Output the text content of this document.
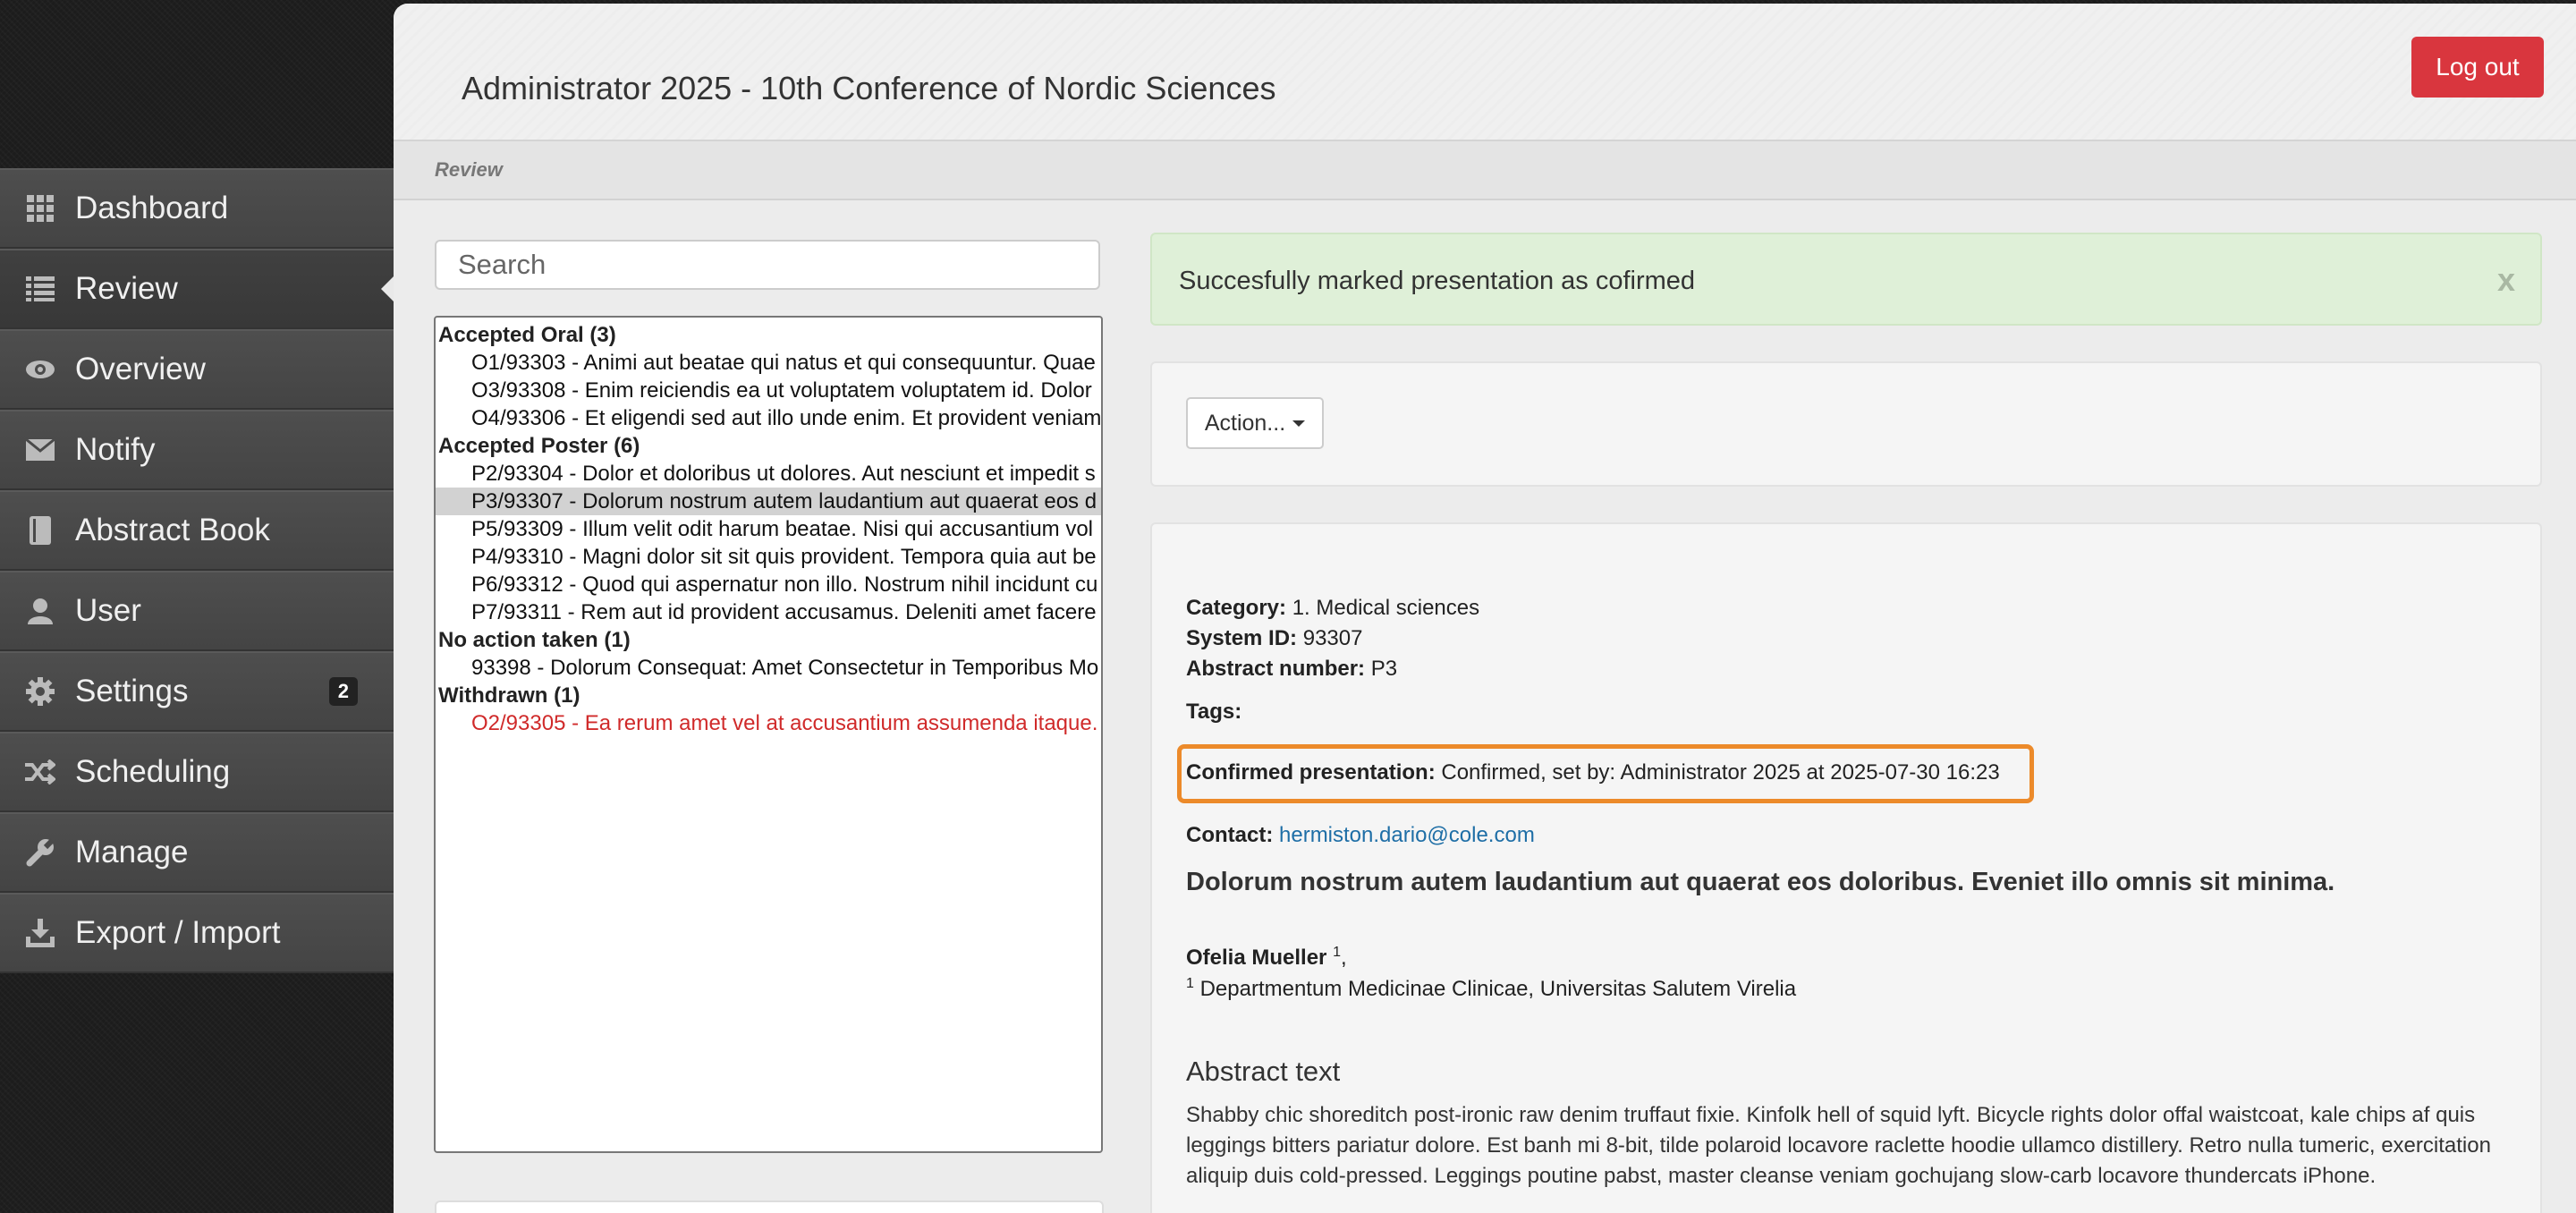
Dashboard
Review
Overview
Notify
Abstract Book
User
Settings	2
Scheduling
Manage
Export / Import
Administrator 2025 - 10th Conference of Nordic Sciences
Log out
Review
Search
Accepted Oral (3)
O1/93303 - Animi aut beatae qui natus et qui consequuntur. Quae
O3/93308 - Enim reiciendis ea ut voluptatem voluptatem id. Dolor
O4/93306 - Et eligendi sed aut illo unde enim. Et provident veniam
Accepted Poster (6)
P2/93304 - Dolor et doloribus ut dolores. Aut nesciunt et impedit s
P3/93307 - Dolorum nostrum autem laudantium aut quaerat eos d
P5/93309 - Illum velit odit harum beatae. Nisi qui accusantium vol
P4/93310 - Magni dolor sit sit quis provident. Tempora quia aut be
P6/93312 - Quod qui aspernatur non illo. Nostrum nihil incidunt cu
P7/93311 - Rem aut id provident accusamus. Deleniti amet facere
No action taken (1)
93398 - Dolorum Consequat: Amet Consectetur in Temporibus Mo
Withdrawn (1)
O2/93305 - Ea rerum amet vel at accusantium assumenda itaque.
Succesfully marked presentation as cofirmed	x
Action...
Category: 1. Medical sciences
System ID: 93307
Abstract number: P3
Tags:
Confirmed presentation: Confirmed, set by: Administrator 2025 at 2025-07-30 16:23
Contact: hermiston.dario@cole.com
Dolorum nostrum autem laudantium aut quaerat eos doloribus. Eveniet illo omnis sit minima.
Ofelia Mueller $^1$,
$^1$ Departmentum Medicinae Clinicae, Universitas Salutem Virelia
Abstract text
Shabby chic shoreditch post-ironic raw denim truffaut fixie. Kinfolk hell of squid lyft. Bicycle rights dolor offal waistcoat, kale chips af quis leggings bitters pariatur dolore. Est banh mi 8-bit, tilde polaroid locavore raclette hoodie ullamco distillery. Retro nulla tumeric, exercitation aliquip duis cold-pressed. Leggings poutine pabst, master cleanse veniam gochujang slow-carb locavore thundercats iPhone.
